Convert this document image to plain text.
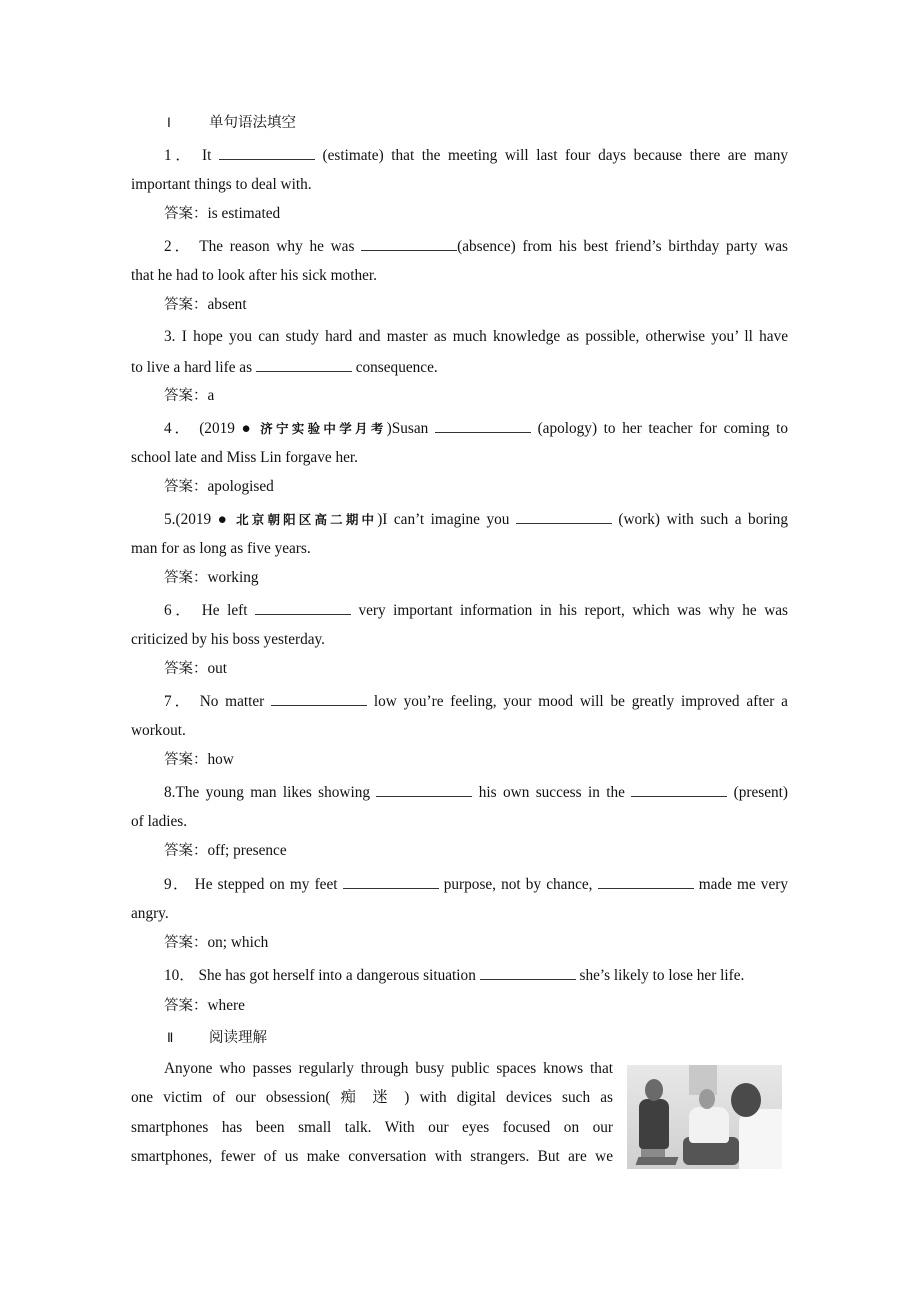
Ⅰ	单句语法填空
1． It	(estimate) that the meeting will last four days because there are many
important things to deal with.
答案：is estimated
2． The reason why he was	(absence) from his best friend’s birthday party was
that he had to look after his sick mother.
答案：absent
3. I hope you can study hard and master as much knowledge as possible, otherwise you’ ll have
to live a hard life as	consequence.
答案：a
4． (2019 ● 济宁实验中学月考)Susan	(apology) to her teacher for coming to
school late and Miss Lin forgave her.
答案：apologised
5.(2019 ● 北京朝阳区高二期中)I can’t imagine you	(work) with such a boring
man for as long as five years.
答案：working
6． He left	very important information in his report, which was why he was
criticized by his boss yesterday.
答案：out
7． No matter	low you’re feeling, your mood will be greatly improved after a
workout.
答案：how
8.The young man likes showing	his own success in the	(present)
of ladies.
答案：off; presence
9． He stepped on my feet	purpose, not by chance,	made me very
angry.
答案：on; which
10． She has got herself into a dangerous situation	she’s likely to lose her life.
答案：where
Ⅱ 阅读理解
Anyone who passes regularly through busy public spaces knows that
one victim of our obsession( 痴 迷 ) with digital devices such as
smartphones has been small talk. With our eyes focused on our
smartphones, fewer of us make conversation with strangers. But are we
